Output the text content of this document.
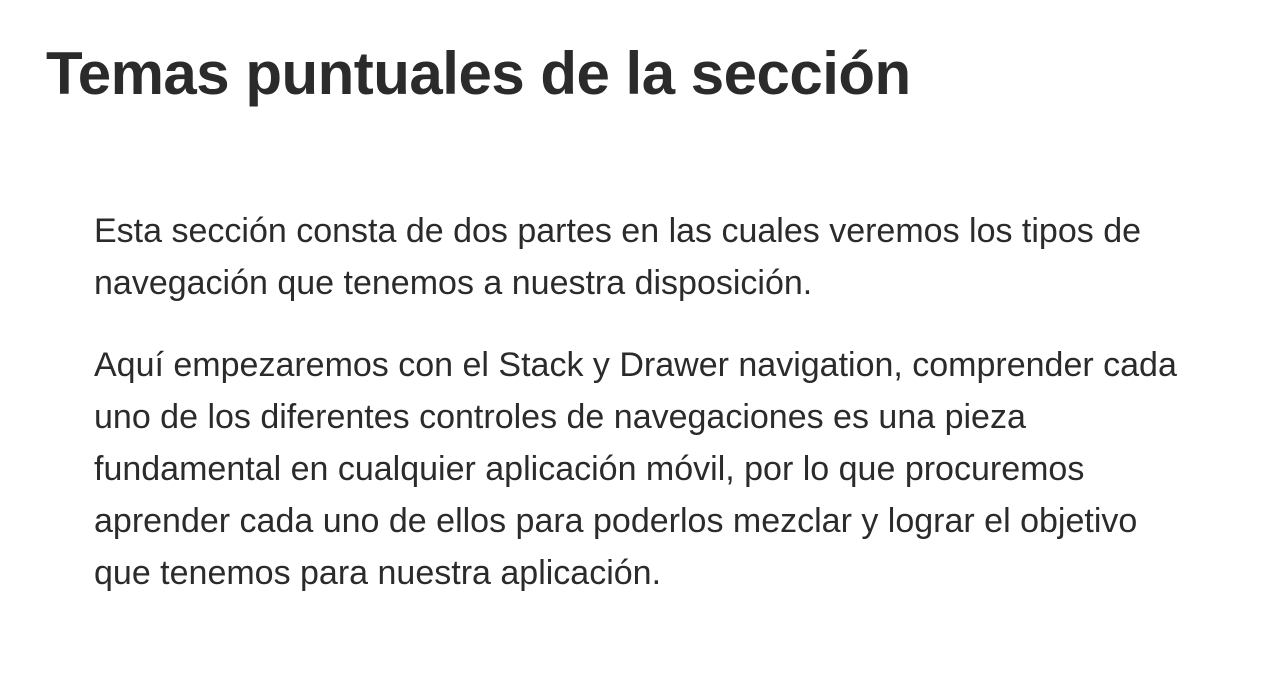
Temas puntuales de la sección

Esta sección consta de dos partes en las cuales veremos los tipos de navegación que tenemos a nuestra disposición.

Aquí empezaremos con el Stack y Drawer navigation, comprender cada uno de los diferentes controles de navegaciones es una pieza fundamental en cualquier aplicación móvil, por lo que procuremos aprender cada uno de ellos para poderlos mezclar y lograr el objetivo que tenemos para nuestra aplicación.
